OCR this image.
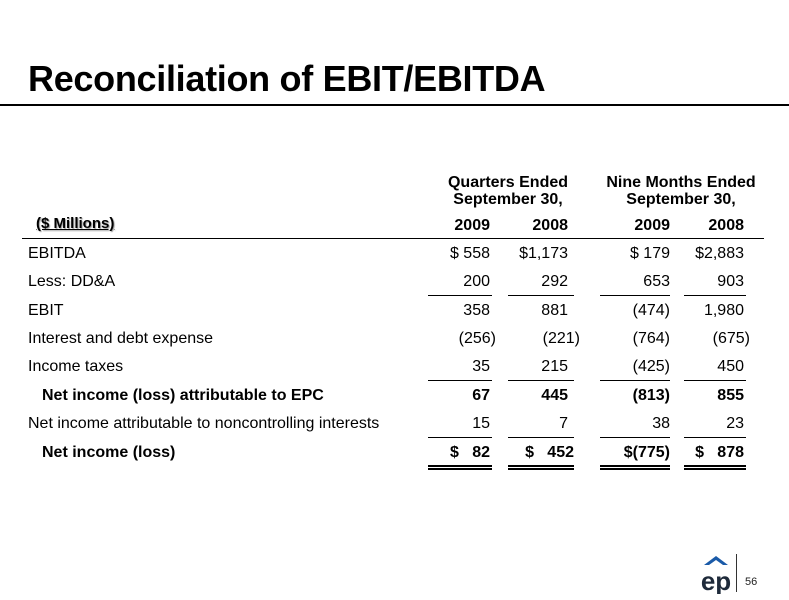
Reconciliation of EBIT/EBITDA
Quarters Ended
September 30,
Nine Months Ended
September 30,
($ Millions)	2009	2008	2009	2008
EBITDA	$ 558	$1,173	$ 179	$2,883
Less: DD&A	200	292	653	903
EBIT	358	881	(474)	1,980
Interest and debt expense	(256)	(221)	(764)	(675)
Income taxes	35	215	(425)	450
Net income (loss) attributable to EPC	67	445	(813)	855
Net income attributable to noncontrolling interests	15	7	38	23
Net income (loss)	$   82	$   452	$(775)	$   878
ep 56
